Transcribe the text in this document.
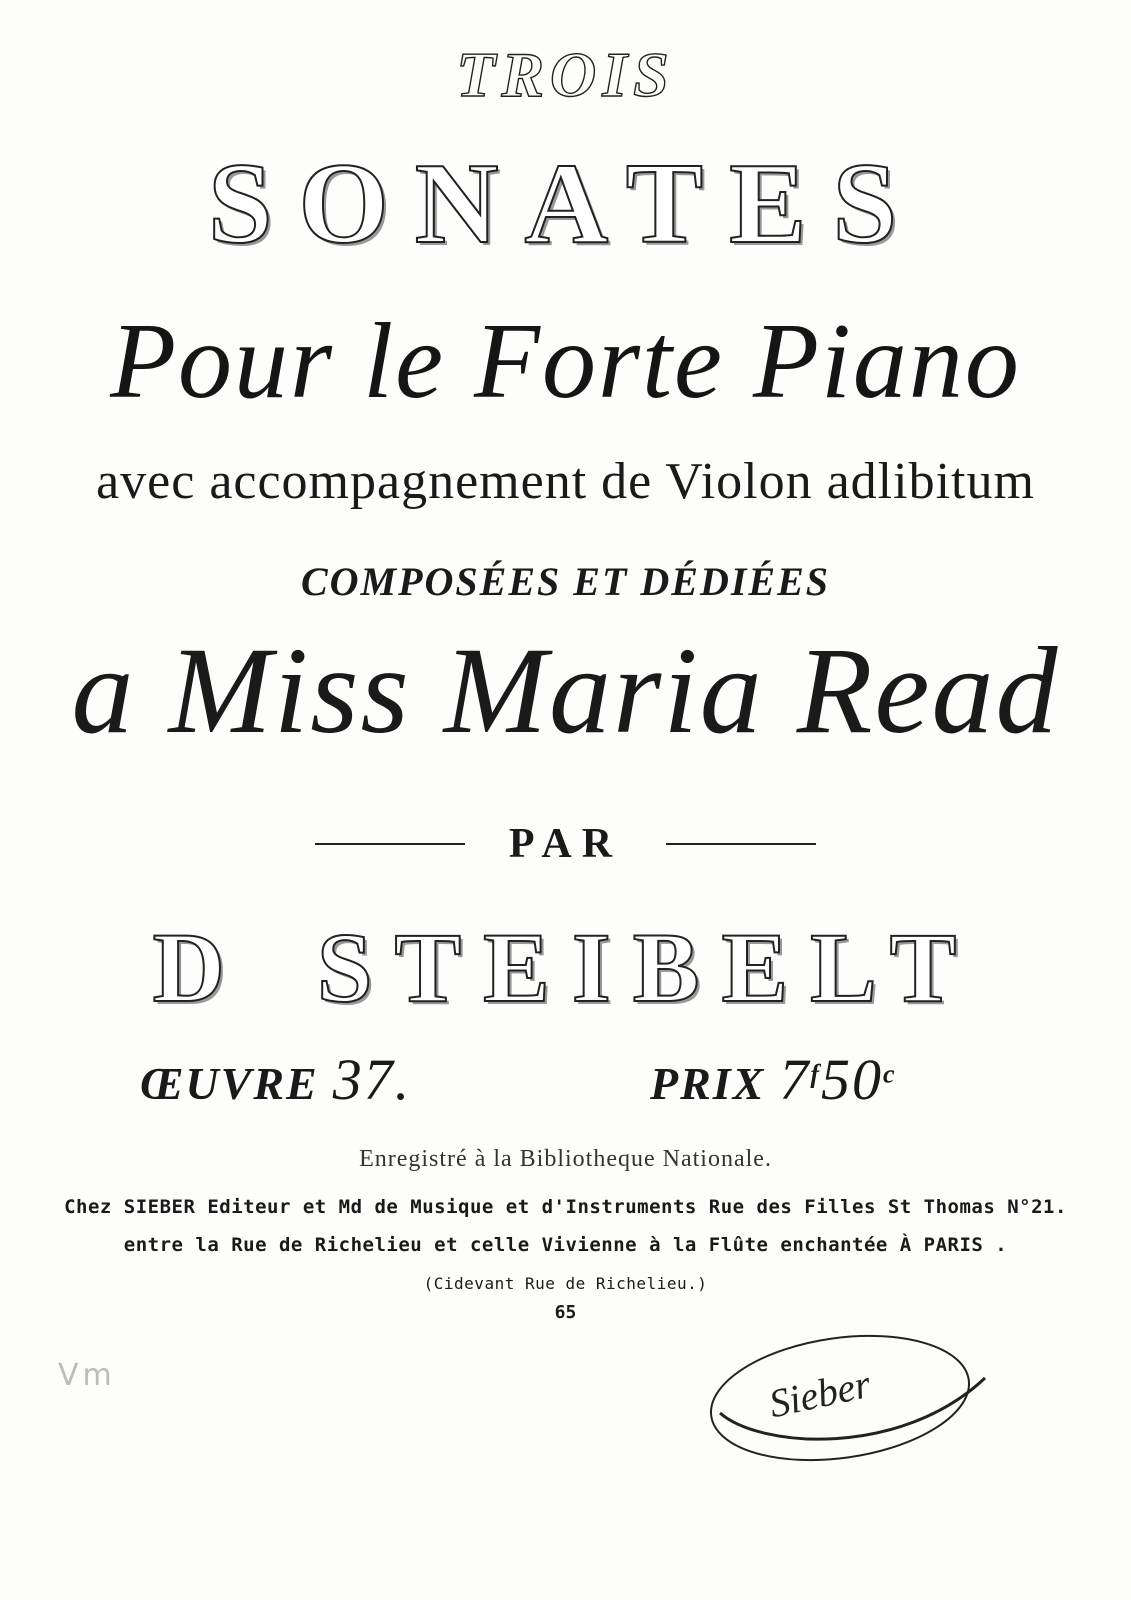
TROIS
SONATES
Pour le Forte Piano
avec accompagnement de Violon adlibitum
COMPOSÉES ET DÉDIÉES
a Miss Maria Read
PAR
D STEIBELT
ŒUVRE 37.	PRIX 7$^f$50$^c$
Enregistré à la Bibliotheque Nationale.
Chez SIEBER Editeur et Md de Musique et d'Instruments Rue des Filles St Thomas N°21.
entre la Rue de Richelieu et celle Vivienne à la Flûte enchantée À PARIS .
(Cidevant Rue de Richelieu.)
65
Vm	Sieber
